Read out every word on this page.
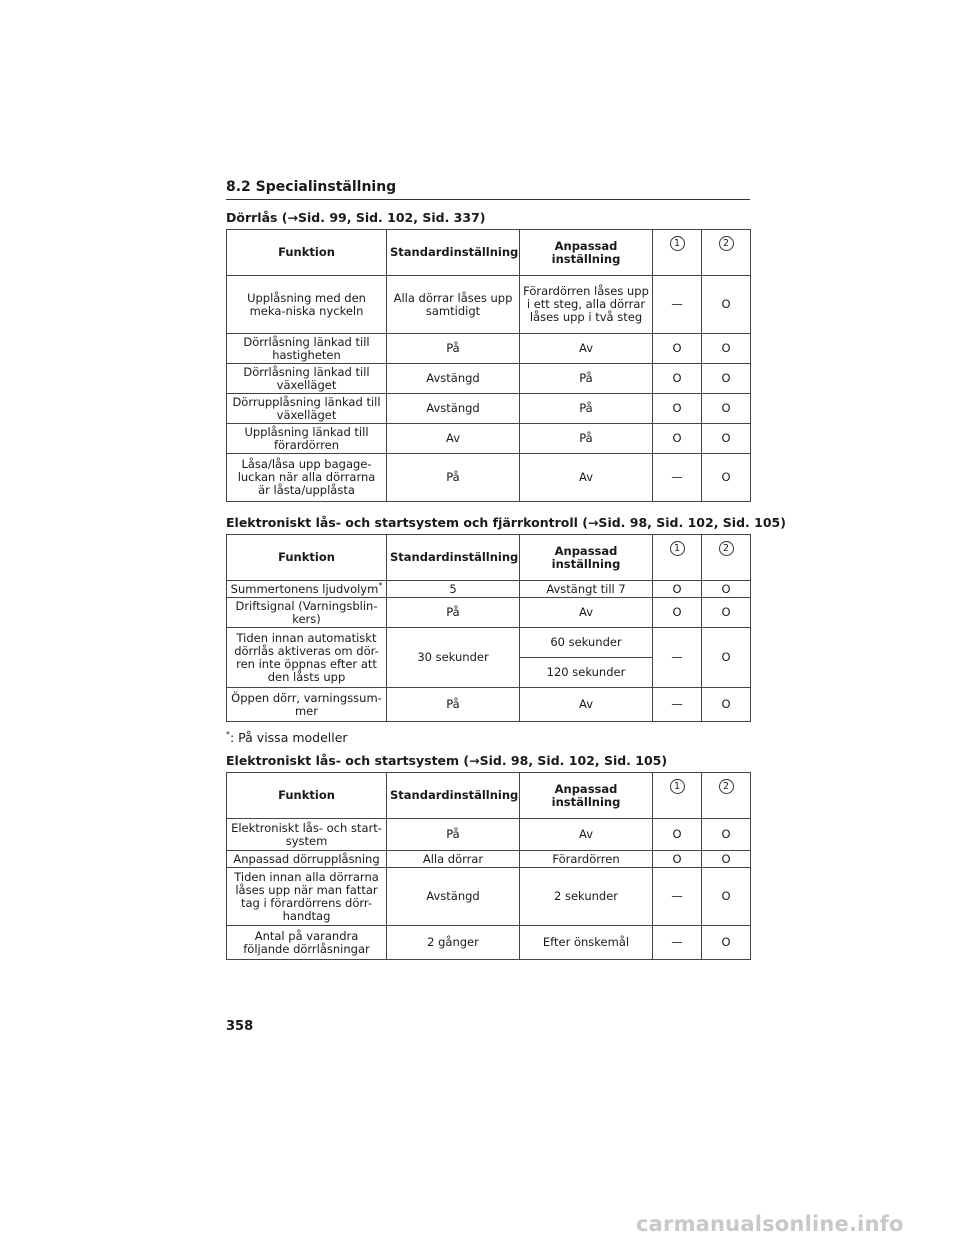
8.2 Specialinställning
Dörrlås (→Sid. 99, Sid. 102, Sid. 337)
Funktion	Standardinställning	Anpassad inställning	1	2
Upplåsning med den meka-niska nyckeln	Alla dörrar låses upp samtidigt	Förardörren låses upp i ett steg, alla dörrar låses upp i två steg	—	O
Dörrlåsning länkad till hastigheten	På	Av	O	O
Dörrlåsning länkad till växelläget	Avstängd	På	O	O
Dörrupplåsning länkad till växelläget	Avstängd	På	O	O
Upplåsning länkad till förardörren	Av	På	O	O
Låsa/låsa upp bagage-luckan när alla dörrarna är låsta/upplåsta	På	Av	—	O
Elektroniskt lås- och startsystem och fjärrkontroll (→Sid. 98, Sid. 102, Sid. 105)
Funktion	Standardinställning	Anpassad inställning	1	2
Summertonens ljudvolym*	5	Avstängt till 7	O	O
Driftsignal (Varningsblin-kers)	På	Av	O	O
Tiden innan automatiskt dörrlås aktiveras om dör-ren inte öppnas efter att den låsts upp	30 sekunder	60 sekunder	—	O
		120 sekunder		
Öppen dörr, varningssum-mer	På	Av	—	O
*: På vissa modeller
Elektroniskt lås- och startsystem (→Sid. 98, Sid. 102, Sid. 105)
Funktion	Standardinställning	Anpassad inställning	1	2
Elektroniskt lås- och start-system	På	Av	O	O
Anpassad dörrupplåsning	Alla dörrar	Förardörren	O	O
Tiden innan alla dörrarna låses upp när man fattar tag i förardörrens dörr-handtag	Avstängd	2 sekunder	—	O
Antal på varandra följande dörrlåsningar	2 gånger	Efter önskemål	—	O
358
carmanualsonline.info
